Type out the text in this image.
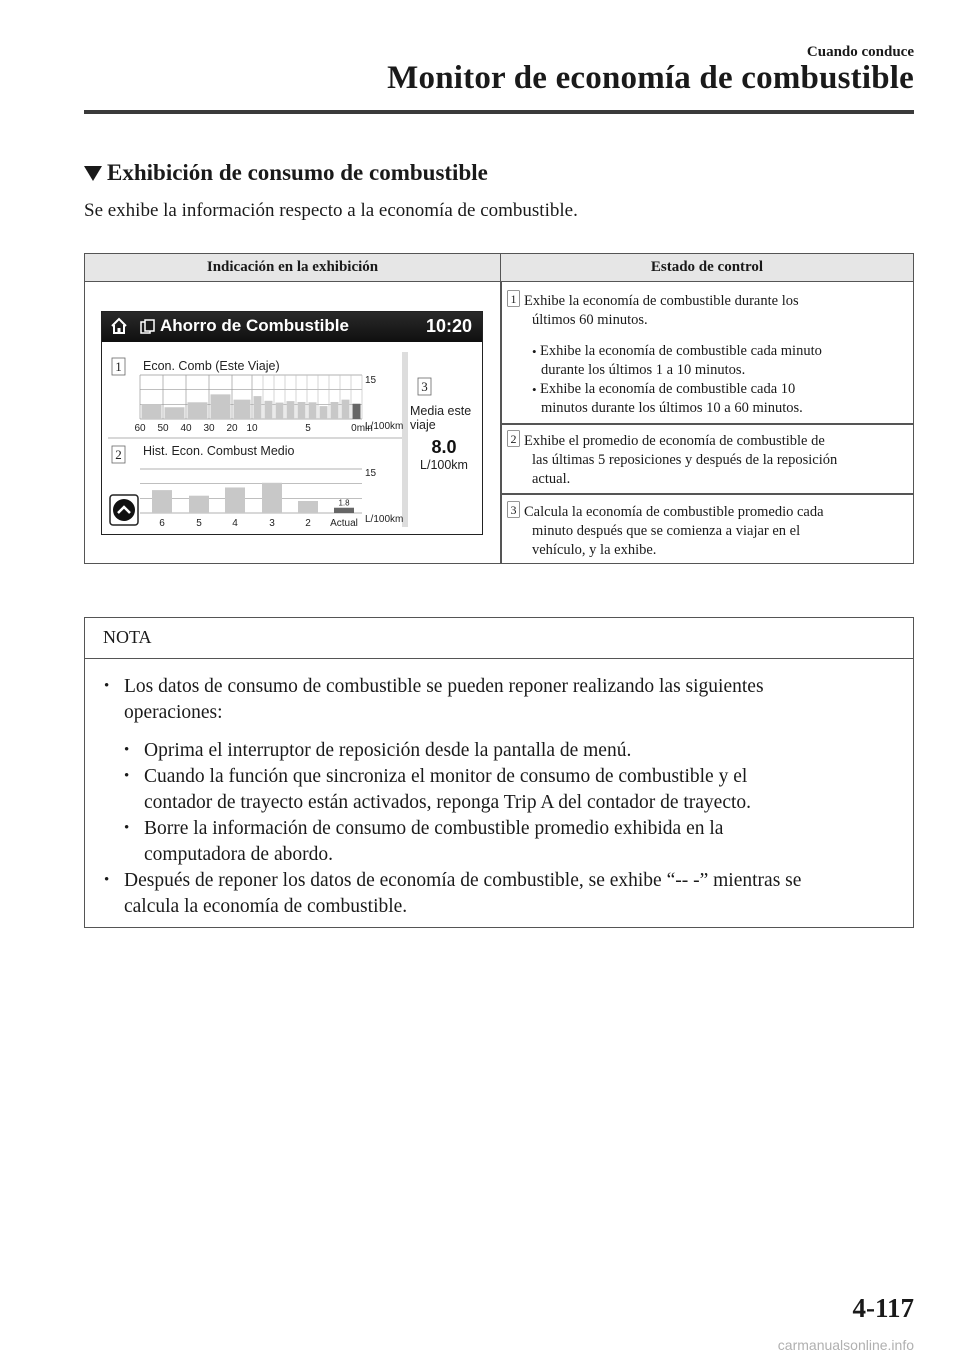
Cuando conduce
Monitor de economía de combustible
Exhibición de consumo de combustible
Se exhibe la información respecto a la economía de combustible.
Indicación en la exhibición	Estado de control
1 Exhibe la economía de combustible durante los
últimos 60 minutos.
• Exhibe la economía de combustible cada minuto
durante los últimos 1 a 10 minutos.
• Exhibe la economía de combustible cada 10
minutos durante los últimos 10 a 60 minutos.
2 Exhibe el promedio de economía de combustible de
las últimas 5 reposiciones y después de la reposición
actual.
3 Calcula la economía de combustible promedio cada
minuto después que se comienza a viajar en el
vehículo, y la exhibe.
Ahorro de Combustible	10:20
1 Econ. Comb (Este Viaje)
15
L/100km
60 50 40 30 20 10	5	0min
2 Hist. Econ. Combust Medio
15
L/100km
6	5	4	3	2 Actual
1.8
3
Media este
viaje
8.0
L/100km
NOTA
• Los datos de consumo de combustible se pueden reponer realizando las siguientes
operaciones:
• Oprima el interruptor de reposición desde la pantalla de menú.
• Cuando la función que sincroniza el monitor de consumo de combustible y el
contador de trayecto están activados, reponga Trip A del contador de trayecto.
• Borre la información de consumo de combustible promedio exhibida en la
computadora de abordo.
• Después de reponer los datos de economía de combustible, se exhibe “-- -” mientras se
calcula la economía de combustible.
4-117
carmanualsonline.info
